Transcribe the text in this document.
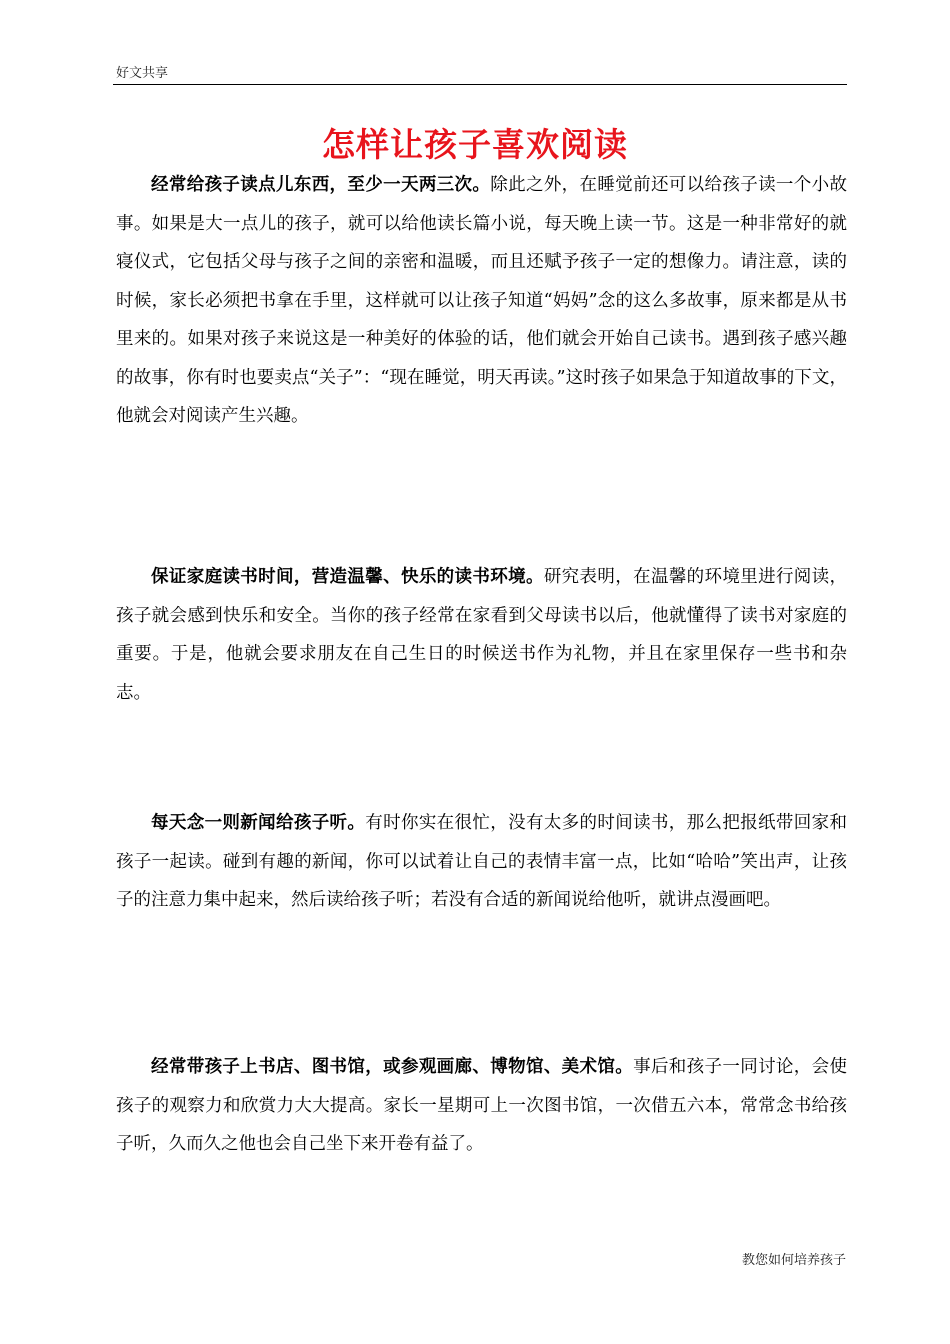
好文共享
怎样让孩子喜欢阅读
经常给孩子读点儿东西，至少一天两三次。除此之外，在睡觉前还可以给孩子读一个小故事。如果是大一点儿的孩子，就可以给他读长篇小说，每天晚上读一节。这是一种非常好的就寝仪式，它包括父母与孩子之间的亲密和温暖，而且还赋予孩子一定的想像力。请注意，读的时候，家长必须把书拿在手里，这样就可以让孩子知道“妈妈”念的这么多故事，原来都是从书里来的。如果对孩子来说这是一种美好的体验的话，他们就会开始自己读书。遇到孩子感兴趣的故事，你有时也要卖点“关子”：“现在睡觉，明天再读。”这时孩子如果急于知道故事的下文，他就会对阅读产生兴趣。
保证家庭读书时间，营造温馨、快乐的读书环境。研究表明，在温馨的环境里进行阅读，孩子就会感到快乐和安全。当你的孩子经常在家看到父母读书以后，他就懂得了读书对家庭的重要。于是，他就会要求朋友在自己生日的时候送书作为礼物，并且在家里保存一些书和杂志。
每天念一则新闻给孩子听。有时你实在很忙，没有太多的时间读书，那么把报纸带回家和孩子一起读。碰到有趣的新闻，你可以试着让自己的表情丰富一点，比如“哈哈”笑出声，让孩子的注意力集中起来，然后读给孩子听；若没有合适的新闻说给他听，就讲点漫画吧。
经常带孩子上书店、图书馆，或参观画廊、博物馆、美术馆。事后和孩子一同讨论，会使孩子的观察力和欣赏力大大提高。家长一星期可上一次图书馆，一次借五六本，常常念书给孩子听，久而久之他也会自己坐下来开卷有益了。
教您如何培养孩子
